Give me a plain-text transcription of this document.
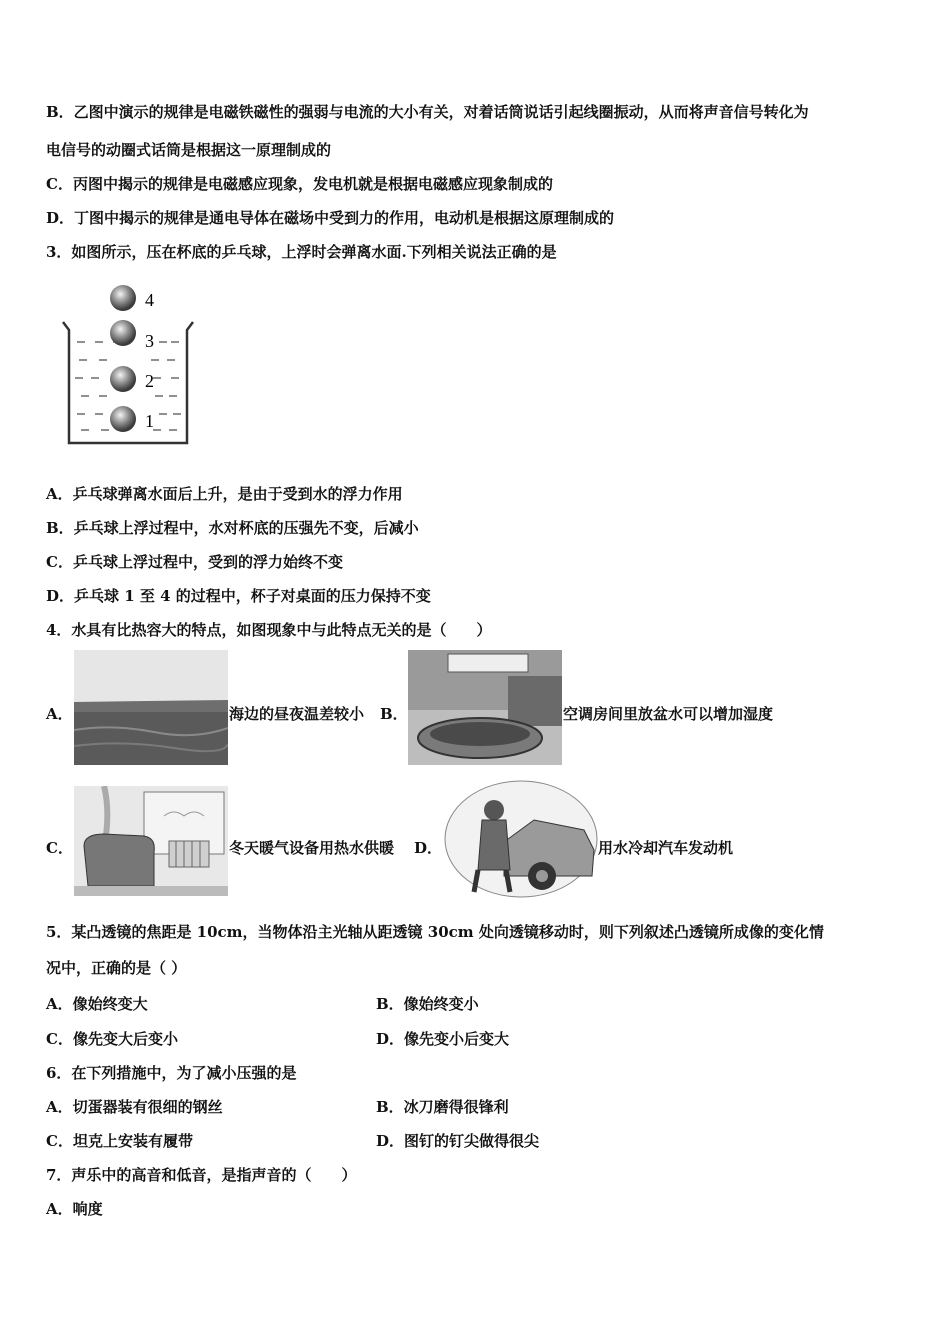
B．乙图中演示的规律是电磁铁磁性的强弱与电流的大小有关，对着话筒说话引起线圈振动，从而将声音信号转化为
电信号的动圈式话筒是根据这一原理制成的
C．丙图中揭示的规律是电磁感应现象，发电机就是根据电磁感应现象制成的
D．丁图中揭示的规律是通电导体在磁场中受到力的作用，电动机是根据这原理制成的
3．如图所示，压在杯底的乒乓球，上浮时会弹离水面.下列相关说法正确的是
4
3
2
1
A．乒乓球弹离水面后上升，是由于受到水的浮力作用
B．乒乓球上浮过程中，水对杯底的压强先不变，后减小
C．乒乓球上浮过程中，受到的浮力始终不变
D．乒乓球 1 至 4 的过程中，杯子对桌面的压力保持不变
4．水具有比热容大的特点，如图现象中与此特点无关的是（　　）
A．	海边的昼夜温差较小 B．	空调房间里放盆水可以增加湿度
C．	冬天暖气设备用热水供暖 D．	用水冷却汽车发动机
5．某凸透镜的焦距是 10cm，当物体沿主光轴从距透镜 30cm 处向透镜移动时，则下列叙述凸透镜所成像的变化情
况中，正确的是（ ）
A．像始终变大	B．像始终变小
C．像先变大后变小	D．像先变小后变大
6．在下列措施中，为了减小压强的是
A．切蛋器装有很细的钢丝	B．冰刀磨得很锋利
C．坦克上安装有履带	D．图钉的钉尖做得很尖
7．声乐中的高音和低音，是指声音的（　　）
A．响度
